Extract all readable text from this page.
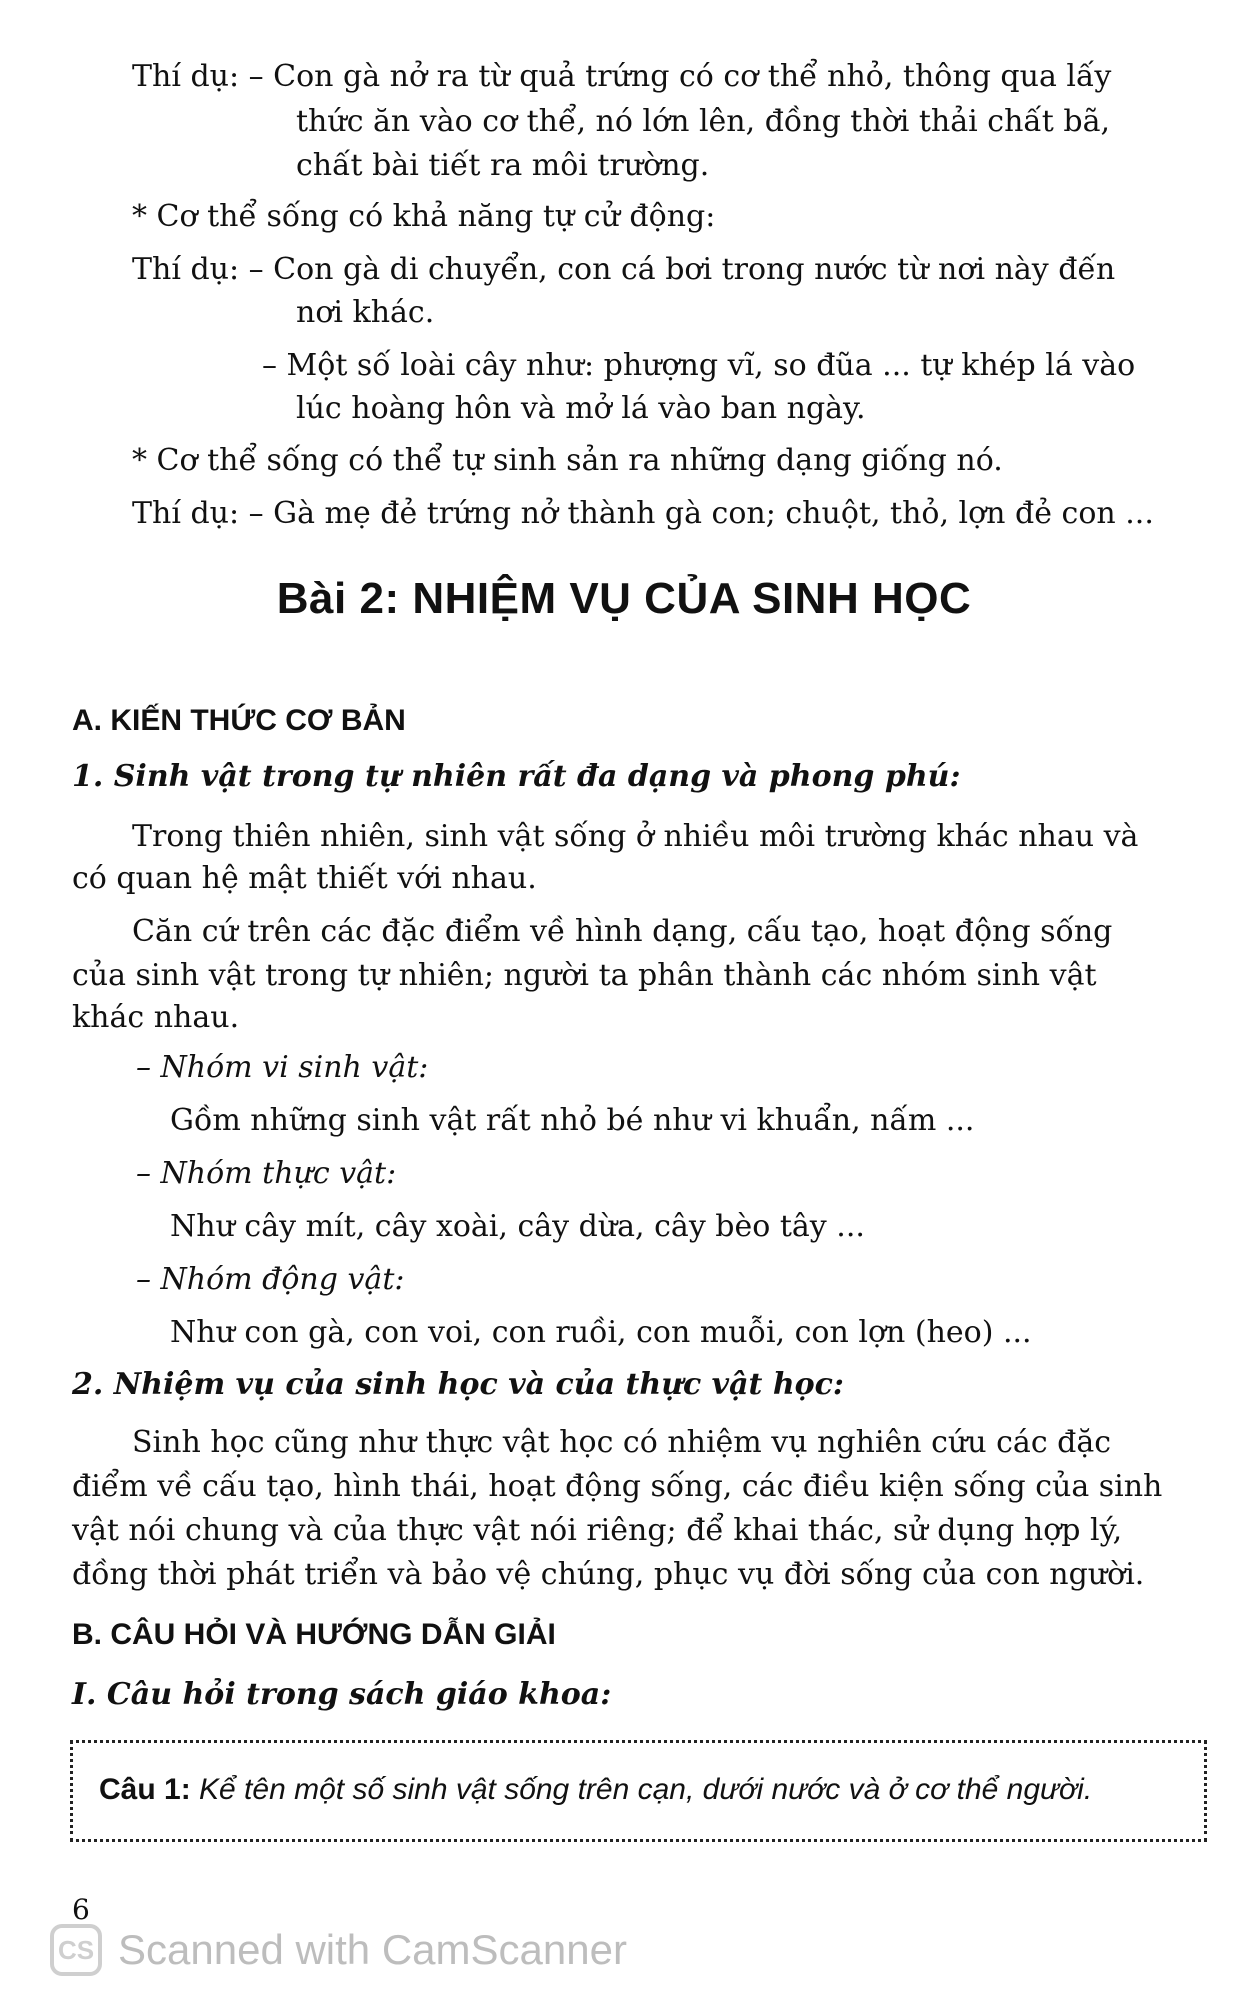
Thí dụ: – Con gà nở ra từ quả trứng có cơ thể nhỏ, thông qua lấy
thức ăn vào cơ thể, nó lớn lên, đồng thời thải chất bã,
chất bài tiết ra môi trường.
* Cơ thể sống có khả năng tự cử động:
Thí dụ: – Con gà di chuyển, con cá bơi trong nước từ nơi này đến
nơi khác.
– Một số loài cây như: phượng vĩ, so đũa ... tự khép lá vào
lúc hoàng hôn và mở lá vào ban ngày.
* Cơ thể sống có thể tự sinh sản ra những dạng giống nó.
Thí dụ: – Gà mẹ đẻ trứng nở thành gà con; chuột, thỏ, lợn đẻ con ...
Bài 2: NHIỆM VỤ CỦA SINH HỌC
A. KIẾN THỨC CƠ BẢN
1. Sinh vật trong tự nhiên rất đa dạng và phong phú:
Trong thiên nhiên, sinh vật sống ở nhiều môi trường khác nhau và
có quan hệ mật thiết với nhau.
Căn cứ trên các đặc điểm về hình dạng, cấu tạo, hoạt động sống
của sinh vật trong tự nhiên; người ta phân thành các nhóm sinh vật
khác nhau.
– Nhóm vi sinh vật:
Gồm những sinh vật rất nhỏ bé như vi khuẩn, nấm ...
– Nhóm thực vật:
Như cây mít, cây xoài, cây dừa, cây bèo tây ...
– Nhóm động vật:
Như con gà, con voi, con ruồi, con muỗi, con lợn (heo) ...
2. Nhiệm vụ của sinh học và của thực vật học:
Sinh học cũng như thực vật học có nhiệm vụ nghiên cứu các đặc
điểm về cấu tạo, hình thái, hoạt động sống, các điều kiện sống của sinh
vật nói chung và của thực vật nói riêng; để khai thác, sử dụng hợp lý,
đồng thời phát triển và bảo vệ chúng, phục vụ đời sống của con người.
B. CÂU HỎI VÀ HƯỚNG DẪN GIẢI
I. Câu hỏi trong sách giáo khoa:
Câu 1: Kể tên một số sinh vật sống trên cạn, dưới nước và ở cơ thể người.
6
CS Scanned with CamScanner
